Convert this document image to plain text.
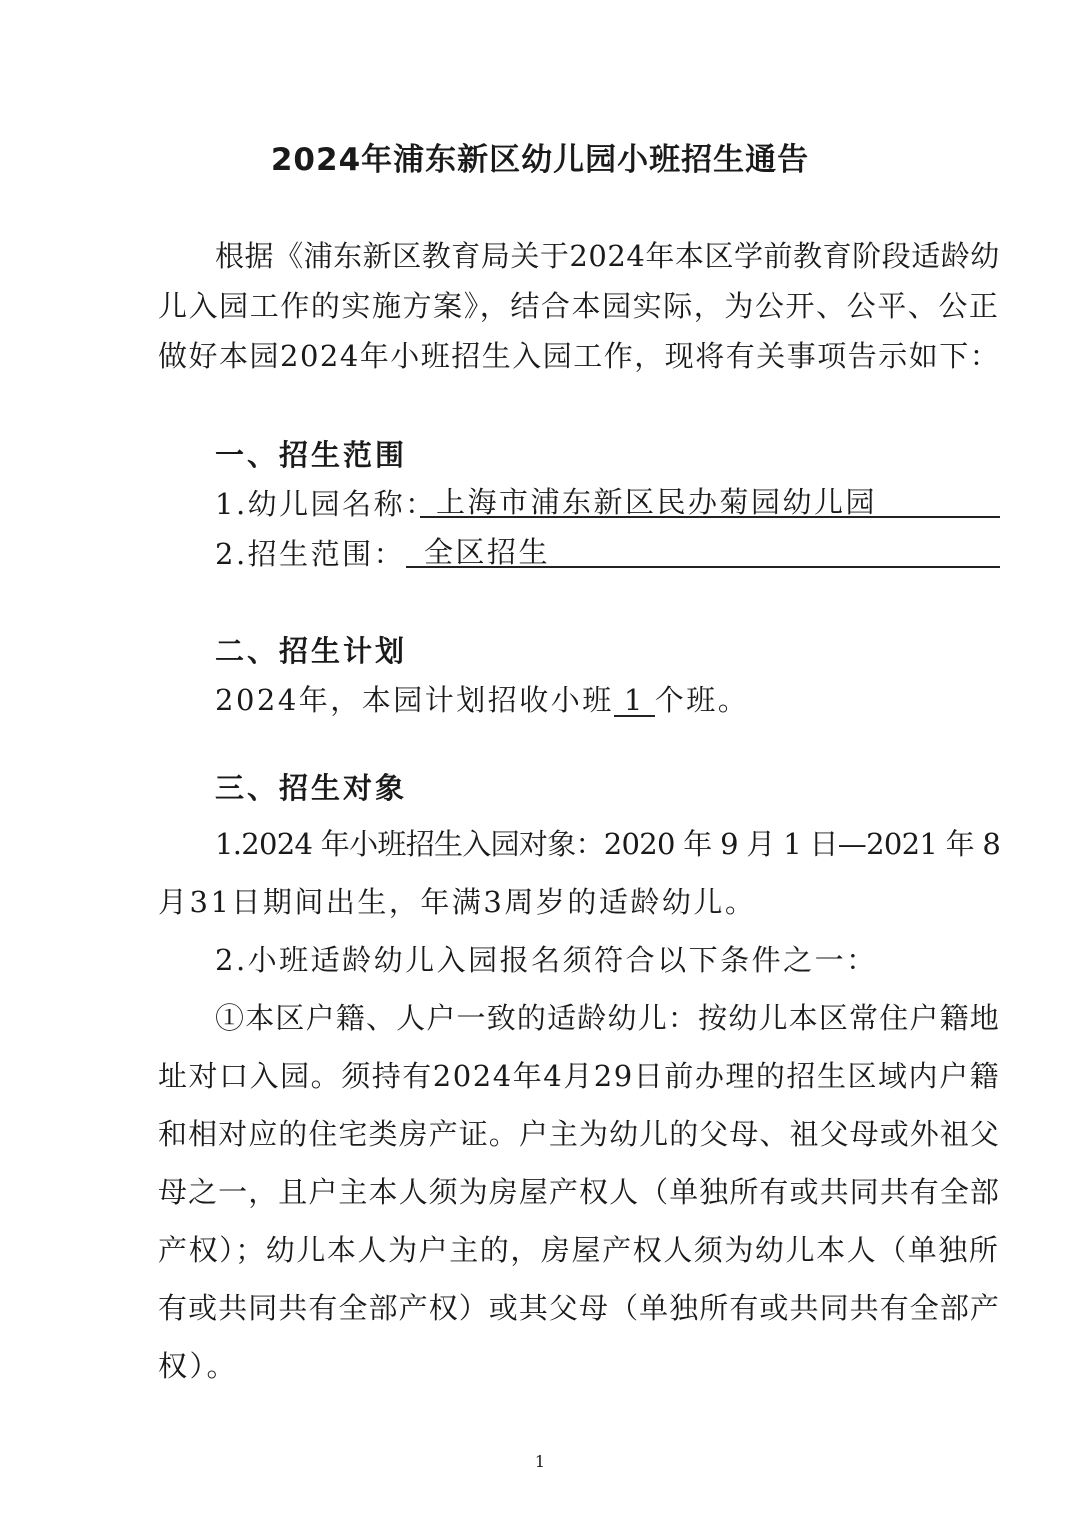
2024年浦东新区幼儿园小班招生通告
根据《浦东新区教育局关于2024年本区学前教育阶段适龄幼
儿入园工作的实施方案》，结合本园实际，为公开、公平、公正
做好本园2024年小班招生入园工作，现将有关事项告示如下：
一、招生范围
1.幼儿园名称： 上海市浦东新区民办菊园幼儿园
2.招生范围： 全区招生
二、招生计划
2024年，本园计划招收小班 1 个班。
三、招生对象
1.2024 年小班招生入园对象：2020 年 9 月 1 日—2021 年 8
月31日期间出生，年满3周岁的适龄幼儿。
2.小班适龄幼儿入园报名须符合以下条件之一：
①本区户籍、人户一致的适龄幼儿：按幼儿本区常住户籍地
址对口入园。须持有2024年4月29日前办理的招生区域内户籍
和相对应的住宅类房产证。户主为幼儿的父母、祖父母或外祖父
母之一，且户主本人须为房屋产权人（单独所有或共同共有全部
产权）；幼儿本人为户主的，房屋产权人须为幼儿本人（单独所
有或共同共有全部产权）或其父母（单独所有或共同共有全部产
权）。
1
